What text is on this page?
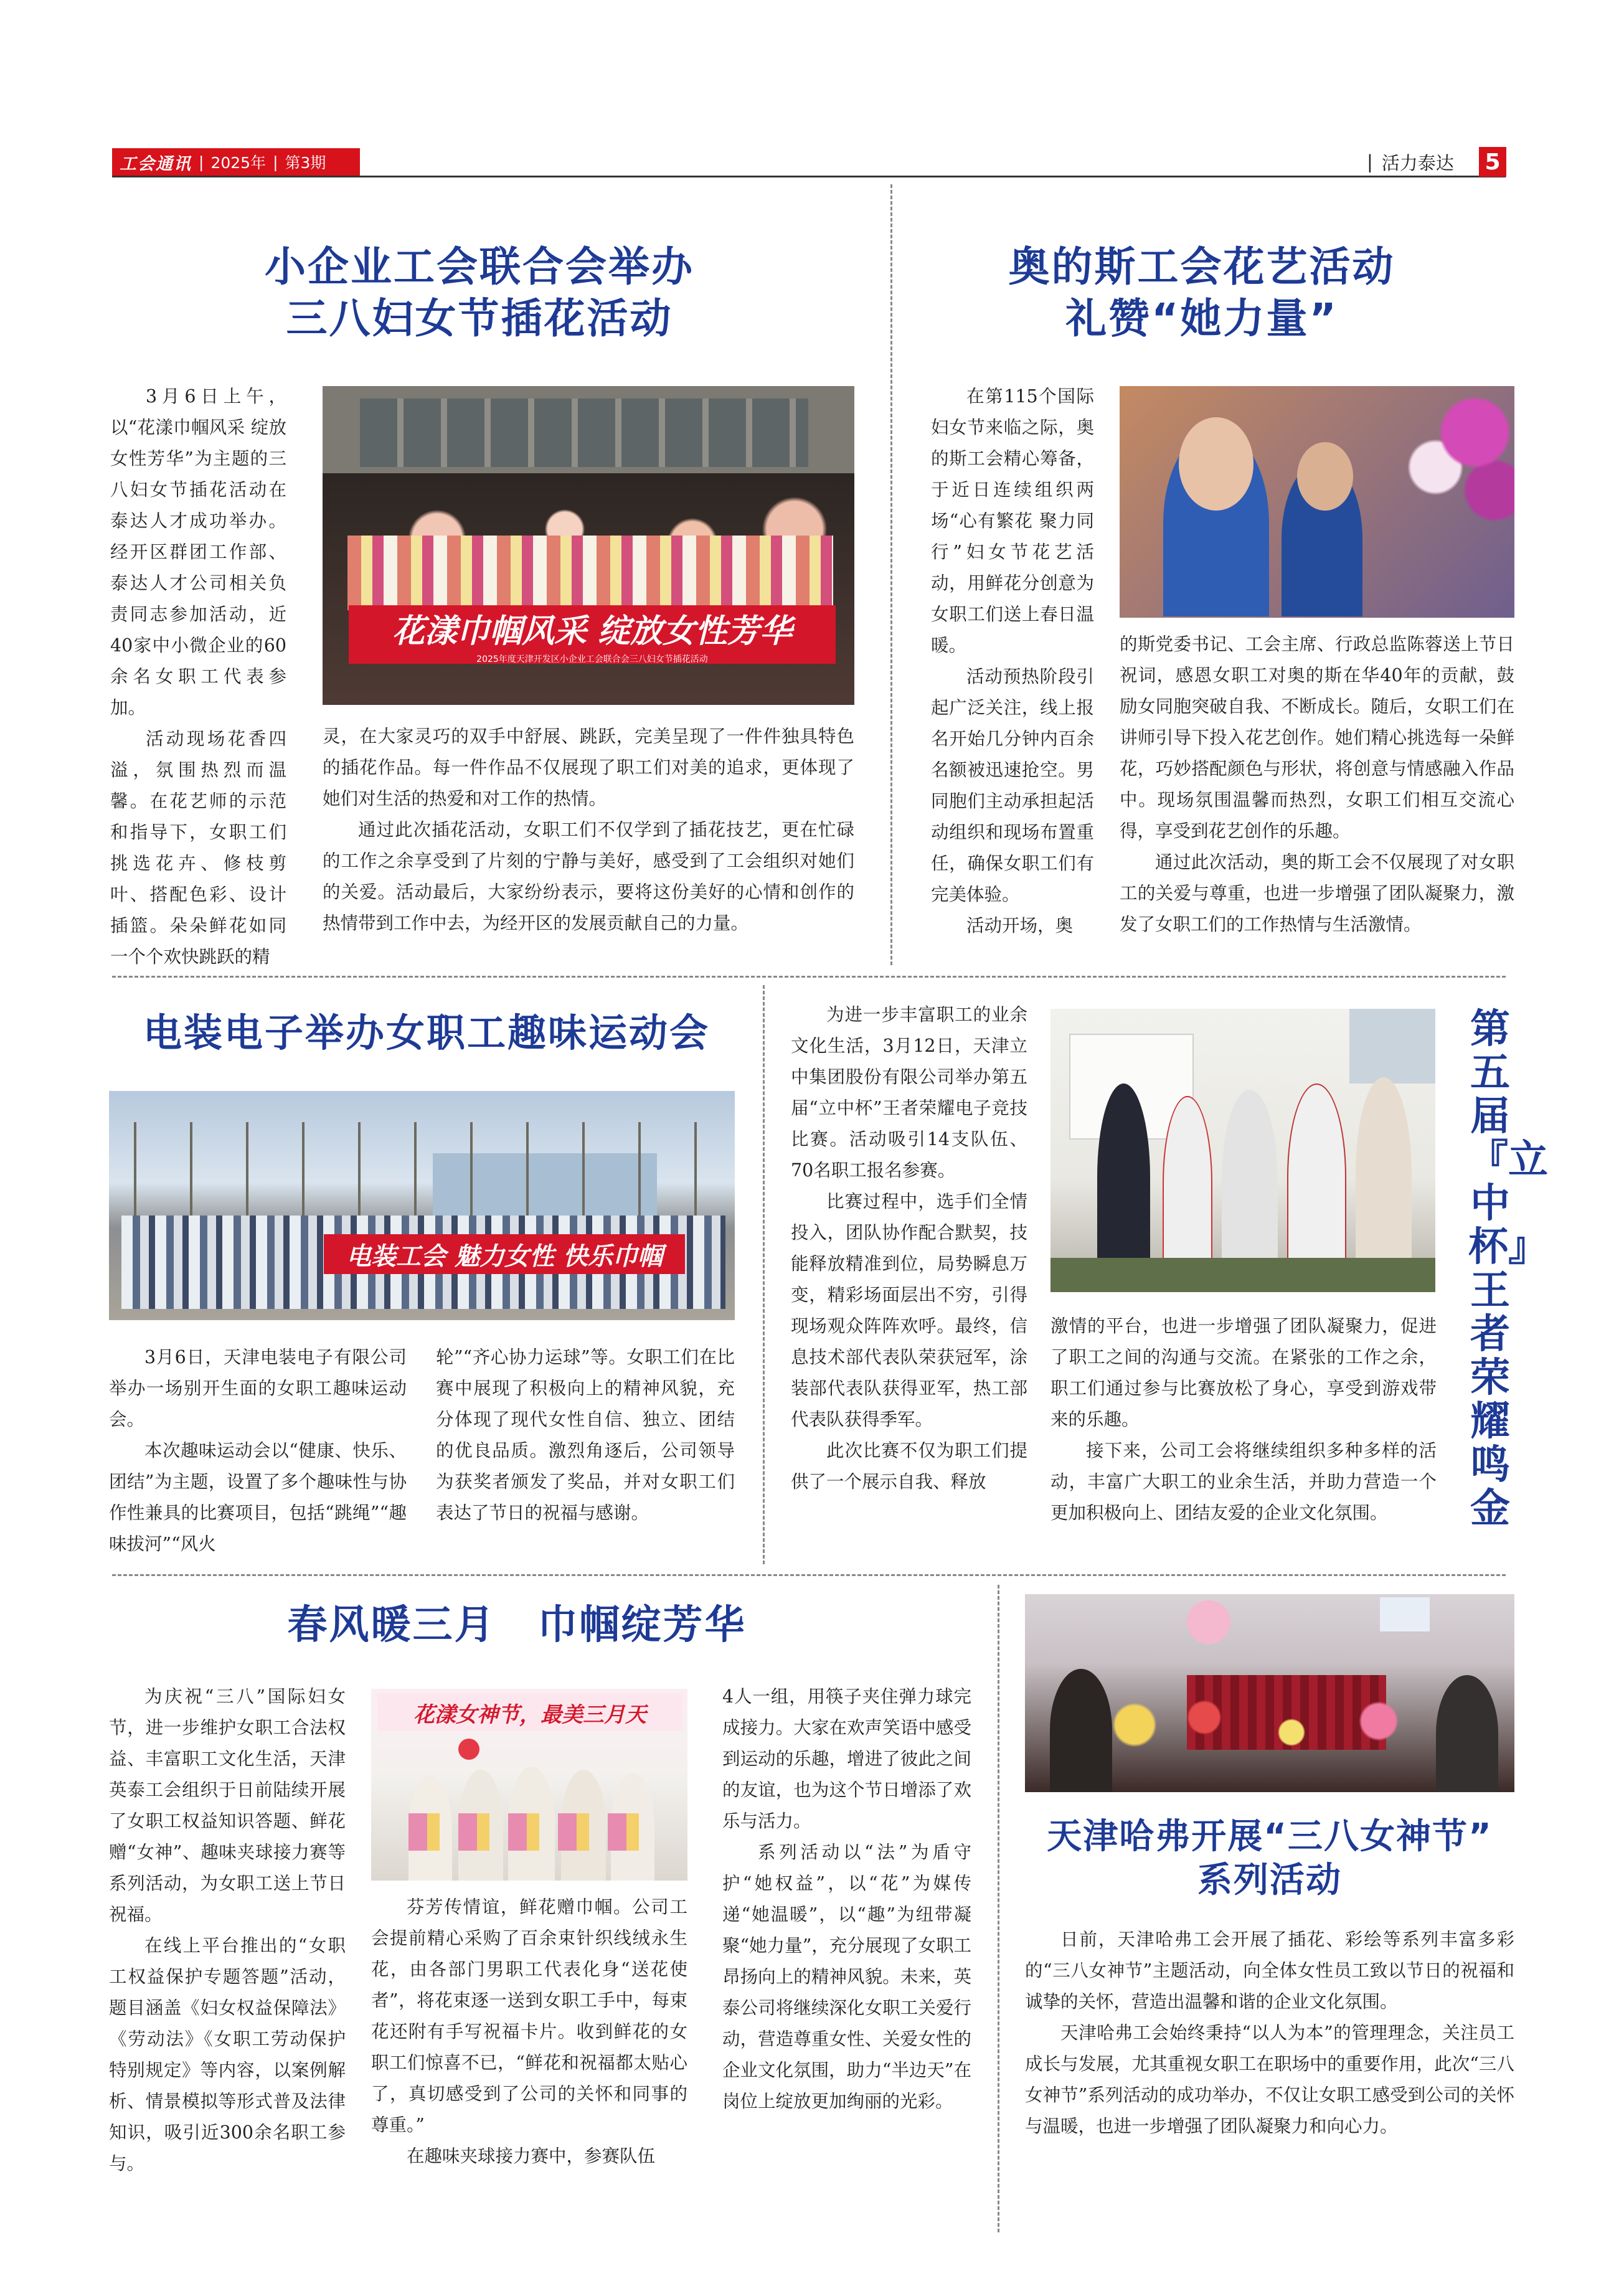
工会通讯 | 2025年 | 第3期	| 活力泰达 5
小企业工会联合会举办
三八妇女节插花活动

3月6日上午，以“花漾巾帼风采 绽放女性芳华”为主题的三八妇女节插花活动在泰达人才成功举办。经开区群团工作部、泰达人才公司相关负责同志参加活动，近40家中小微企业的60余名女职工代表参加。

活动现场花香四溢，氛围热烈而温馨。在花艺师的示范和指导下，女职工们挑选花卉、修枝剪叶、搭配色彩、设计插篮。朵朵鲜花如同一个个欢快跳跃的精

花漾巾帼风采 绽放女性芳华
2025年度天津开发区小企业工会联合会三八妇女节插花活动

灵，在大家灵巧的双手中舒展、跳跃，完美呈现了一件件独具特色的插花作品。每一件作品不仅展现了职工们对美的追求，更体现了她们对生活的热爱和对工作的热情。

通过此次插花活动，女职工们不仅学到了插花技艺，更在忙碌的工作之余享受到了片刻的宁静与美好，感受到了工会组织对她们的关爱。活动最后，大家纷纷表示，要将这份美好的心情和创作的热情带到工作中去，为经开区的发展贡献自己的力量。

奥的斯工会花艺活动
礼赞“她力量”

在第115个国际妇女节来临之际，奥的斯工会精心筹备，于近日连续组织两场“心有繁花 聚力同行”妇女节花艺活动，用鲜花分创意为女职工们送上春日温暖。

活动预热阶段引起广泛关注，线上报名开始几分钟内百余名额被迅速抢空。男同胞们主动承担起活动组织和现场布置重任，确保女职工们有完美体验。

活动开场，奥

的斯党委书记、工会主席、行政总监陈蓉送上节日祝词，感恩女职工对奥的斯在华40年的贡献，鼓励女同胞突破自我、不断成长。随后，女职工们在讲师引导下投入花艺创作。她们精心挑选每一朵鲜花，巧妙搭配颜色与形状，将创意与情感融入作品中。现场氛围温馨而热烈，女职工们相互交流心得，享受到花艺创作的乐趣。

通过此次活动，奥的斯工会不仅展现了对女职工的关爱与尊重，也进一步增强了团队凝聚力，激发了女职工们的工作热情与生活激情。

电装电子举办女职工趣味运动会
电装工会 魅力女性 快乐巾帼

3月6日，天津电装电子有限公司举办一场别开生面的女职工趣味运动会。

本次趣味运动会以“健康、快乐、团结”为主题，设置了多个趣味性与协作性兼具的比赛项目，包括“跳绳”“趣味拔河”“风火

轮”“齐心协力运球”等。女职工们在比赛中展现了积极向上的精神风貌，充分体现了现代女性自信、独立、团结的优良品质。激烈角逐后，公司领导为获奖者颁发了奖品，并对女职工们表达了节日的祝福与感谢。

为进一步丰富职工的业余文化生活，3月12日，天津立中集团股份有限公司举办第五届“立中杯”王者荣耀电子竞技比赛。活动吸引14支队伍、70名职工报名参赛。

比赛过程中，选手们全情投入，团队协作配合默契，技能释放精准到位，局势瞬息万变，精彩场面层出不穷，引得现场观众阵阵欢呼。最终，信息技术部代表队荣获冠军，涂装部代表队获得亚军，热工部代表队获得季军。

此次比赛不仅为职工们提供了一个展示自我、释放

激情的平台，也进一步增强了团队凝聚力，促进了职工之间的沟通与交流。在紧张的工作之余，职工们通过参与比赛放松了身心，享受到游戏带来的乐趣。

接下来，公司工会将继续组织多种多样的活动，丰富广大职工的业余生活，并助力营造一个更加积极向上、团结友爱的企业文化氛围。

第五届『立中杯』王者荣耀鸣金
春风暖三月　巾帼绽芳华

为庆祝“三八”国际妇女节，进一步维护女职工合法权益、丰富职工文化生活，天津英泰工会组织于日前陆续开展了女职工权益知识答题、鲜花赠“女神”、趣味夹球接力赛等系列活动，为女职工送上节日祝福。

在线上平台推出的“女职工权益保护专题答题”活动，题目涵盖《妇女权益保障法》《劳动法》《女职工劳动保护特别规定》等内容，以案例解析、情景模拟等形式普及法律知识，吸引近300余名职工参与。

花漾女神节，最美三月天

芬芳传情谊，鲜花赠巾帼。公司工会提前精心采购了百余束针织线绒永生花，由各部门男职工代表化身“送花使者”，将花束逐一送到女职工手中，每束花还附有手写祝福卡片。收到鲜花的女职工们惊喜不已，“鲜花和祝福都太贴心了，真切感受到了公司的关怀和同事的尊重。”

在趣味夹球接力赛中，参赛队伍

4人一组，用筷子夹住弹力球完成接力。大家在欢声笑语中感受到运动的乐趣，增进了彼此之间的友谊，也为这个节日增添了欢乐与活力。

系列活动以“法”为盾守护“她权益”，以“花”为媒传递“她温暖”，以“趣”为纽带凝聚“她力量”，充分展现了女职工昂扬向上的精神风貌。未来，英泰公司将继续深化女职工关爱行动，营造尊重女性、关爱女性的企业文化氛围，助力“半边天”在岗位上绽放更加绚丽的光彩。

天津哈弗开展“三八女神节”
系列活动

日前，天津哈弗工会开展了插花、彩绘等系列丰富多彩的“三八女神节”主题活动，向全体女性员工致以节日的祝福和诚挚的关怀，营造出温馨和谐的企业文化氛围。

天津哈弗工会始终秉持“以人为本”的管理理念，关注员工成长与发展，尤其重视女职工在职场中的重要作用，此次“三八女神节”系列活动的成功举办，不仅让女职工感受到公司的关怀与温暖，也进一步增强了团队凝聚力和向心力。
